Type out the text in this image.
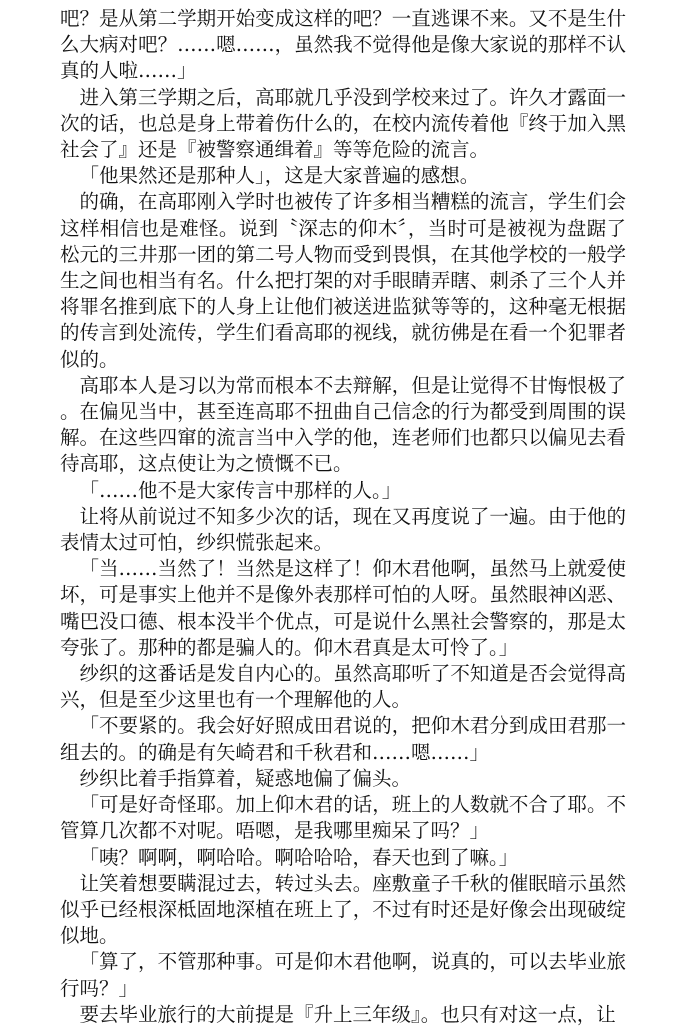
吧？是从第二学期开始变成这样的吧？一直逃课不来。又不是生什么大病对吧？……嗯……，虽然我不觉得他是像大家说的那样不认真的人啦……」

进入第三学期之后，高耶就几乎没到学校来过了。许久才露面一次的话，也总是身上带着伤什么的，在校内流传着他『终于加入黑社会了』还是『被警察通缉着』等等危险的流言。

「他果然还是那种人」，这是大家普遍的感想。

的确，在高耶刚入学时也被传了许多相当糟糕的流言，学生们会这样相信也是难怪。说到〝深志的仰木〞，当时可是被视为盘踞了松元的三井那一团的第二号人物而受到畏惧，在其他学校的一般学生之间也相当有名。什么把打架的对手眼睛弄瞎、刺杀了三个人并将罪名推到底下的人身上让他们被送进监狱等等的，这种毫无根据的传言到处流传，学生们看高耶的视线，就彷佛是在看一个犯罪者似的。

高耶本人是习以为常而根本不去辩解，但是让觉得不甘悔恨极了。在偏见当中，甚至连高耶不扭曲自己信念的行为都受到周围的误解。在这些四窜的流言当中入学的他，连老师们也都只以偏见去看待高耶，这点使让为之愤慨不已。

「……他不是大家传言中那样的人。」

让将从前说过不知多少次的话，现在又再度说了一遍。由于他的表情太过可怕，纱织慌张起来。

「当……当然了！当然是这样了！仰木君他啊，虽然马上就爱使坏，可是事实上他并不是像外表那样可怕的人呀。虽然眼神凶恶、嘴巴没口德、根本没半个优点，可是说什么黑社会警察的，那是太夸张了。那种的都是骗人的。仰木君真是太可怜了。」

纱织的这番话是发自内心的。虽然高耶听了不知道是否会觉得高兴，但是至少这里也有一个理解他的人。

「不要紧的。我会好好照成田君说的，把仰木君分到成田君那一组去的。的确是有矢崎君和千秋君和……嗯……」

纱织比着手指算着，疑惑地偏了偏头。

「可是好奇怪耶。加上仰木君的话，班上的人数就不合了耶。不管算几次都不对呢。唔嗯，是我哪里痴呆了吗？」

「咦？啊啊，啊哈哈。啊哈哈哈，春天也到了嘛。」

让笑着想要瞒混过去，转过头去。座敷童子千秋的催眠暗示虽然似乎已经根深柢固地深植在班上了，不过有时还是好像会出现破绽似地。

「算了，不管那种事。可是仰木君他啊，说真的，可以去毕业旅行吗？」

要去毕业旅行的大前提是『升上三年级』。也只有对这一点，让
